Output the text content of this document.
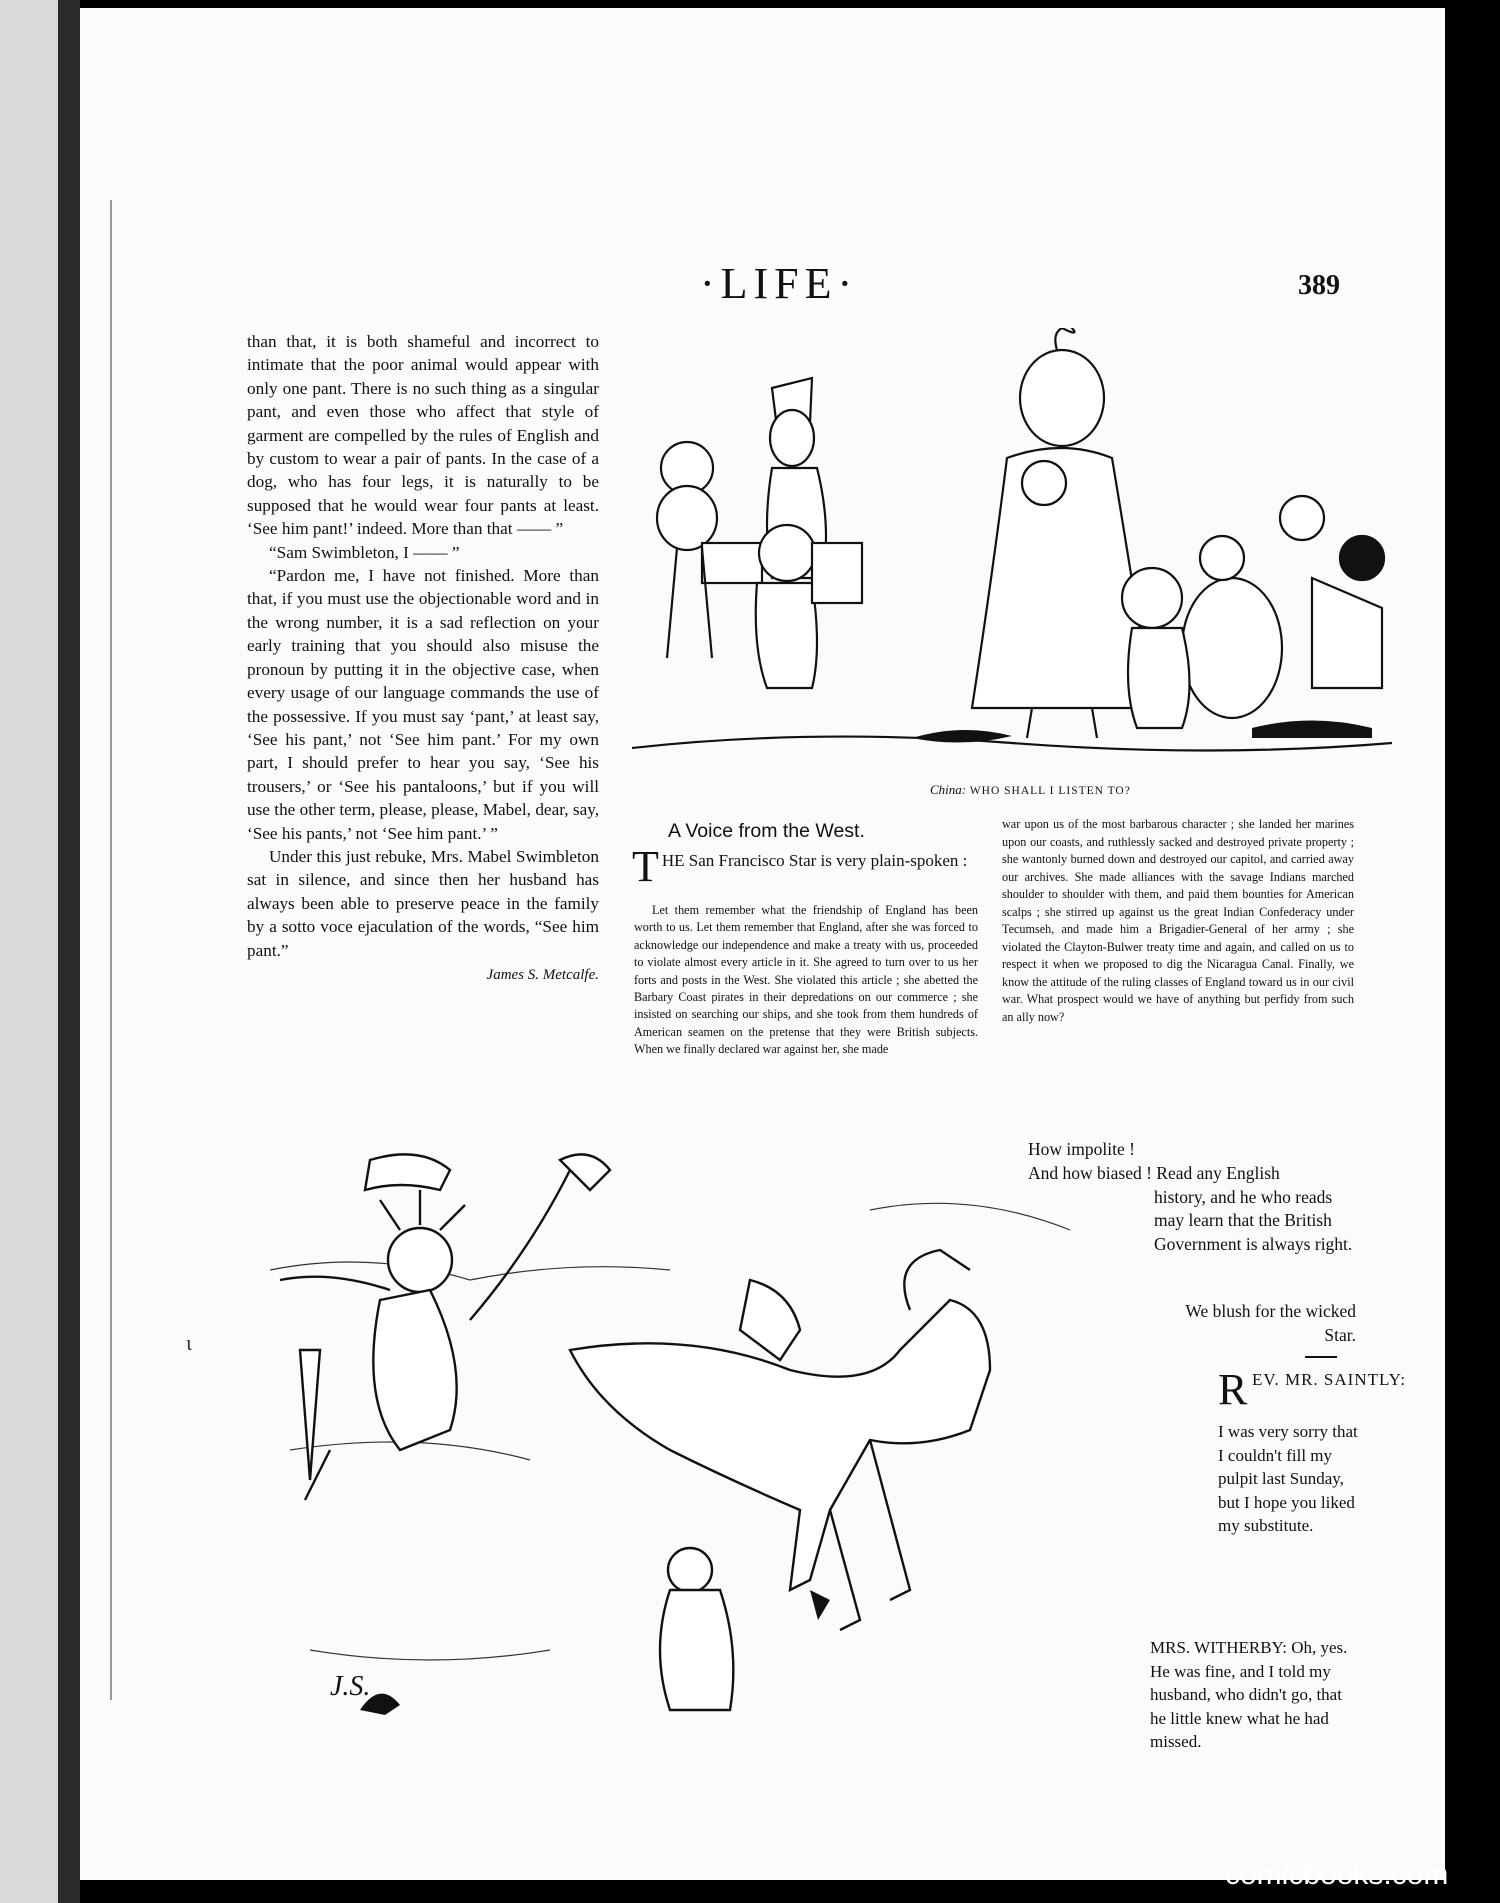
·LIFE·	389

than that, it is both shameful and incorrect to intimate that the poor animal would appear with only one pant. There is no such thing as a singular pant, and even those who affect that style of garment are compelled by the rules of English and by custom to wear a pair of pants. In the case of a dog, who has four legs, it is naturally to be supposed that he would wear four pants at least. ‘See him pant!’ indeed. More than that —— ”

“Sam Swimbleton, I —— ”

“Pardon me, I have not finished. More than that, if you must use the objectionable word and in the wrong number, it is a sad reflection on your early training that you should also misuse the pronoun by putting it in the objective case, when every usage of our language commands the use of the possessive. If you must say ‘pant,’ at least say, ‘See his pant,’ not ‘See him pant.’ For my own part, I should prefer to hear you say, ‘See his trousers,’ or ‘See his pantaloons,’ but if you will use the other term, please, please, Mabel, dear, say, ‘See his pants,’ not ‘See him pant.’ ”

Under this just rebuke, Mrs. Mabel Swimbleton sat in silence, and since then her husband has always been able to preserve peace in the family by a sotto voce ejaculation of the words, “See him pant.”

James S. Metcalfe.
China: WHO SHALL I LISTEN TO?
A Voice from the West.
T HE San Francisco Star is very plain-spoken :
Let them remember what the friendship of England has been worth to us. Let them remember that England, after she was forced to acknowledge our independence and make a treaty with us, proceeded to violate almost every article in it. She agreed to turn over to us her forts and posts in the West. She violated this article ; she abetted the Barbary Coast pirates in their depredations on our commerce ; she insisted on searching our ships, and she took from them hundreds of American seamen on the pretense that they were British subjects. When we finally declared war against her, she made
war upon us of the most barbarous character ; she landed her marines upon our coasts, and ruthlessly sacked and destroyed private property ; she wantonly burned down and destroyed our capitol, and carried away our archives. She made alliances with the savage Indians marched shoulder to shoulder with them, and paid them bounties for American scalps ; she stirred up against us the great Indian Confederacy under Tecumseh, and made him a Brigadier-General of her army ; she violated the Clayton-Bulwer treaty time and again, and called on us to respect it when we proposed to dig the Nicaragua Canal. Finally, we know the attitude of the ruling classes of England toward us in our civil war. What prospect would we have of anything but perfidy from such an ally now?
How impolite !
And how biased ! Read any English
history, and he who reads may learn that the British Government is always right.
We blush for the wicked Star.
R EV. MR. SAINTLY:
I was very sorry that I couldn't fill my pulpit last Sunday, but I hope you liked my substitute.
MRS. WITHERBY: Oh, yes. He was fine, and I told my husband, who didn't go, that he little knew what he had missed.
J.S.
ι
comicbooks.com
